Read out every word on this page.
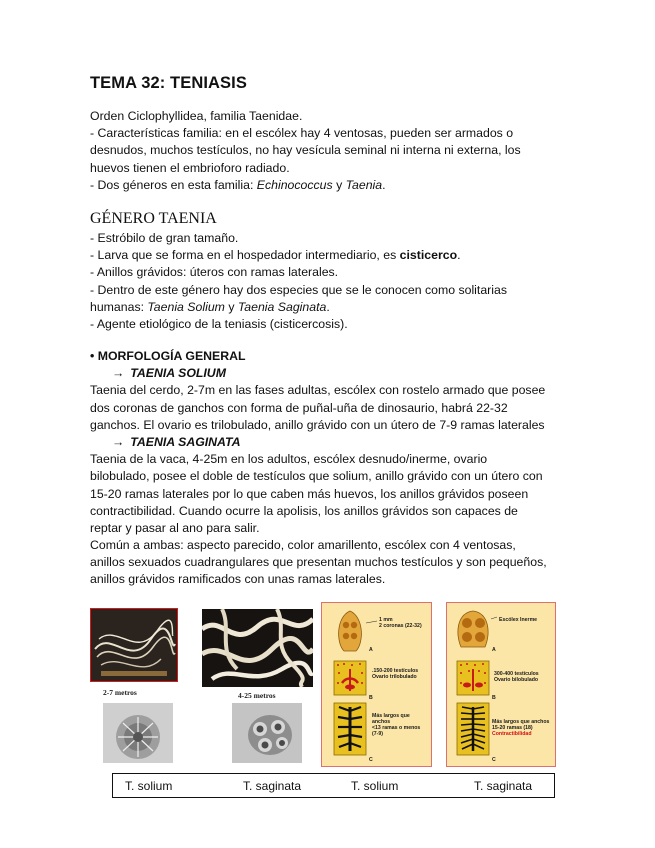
TEMA 32: TENIASIS
Orden Ciclophyllidea, familia Taenidae.
- Características familia: en el escólex hay 4 ventosas, pueden ser armados o
desnudos, muchos testículos, no hay vesícula seminal ni interna ni externa, los
huevos tienen el embrioforo radiado.
- Dos géneros en esta familia: Echinococcus y Taenia.
GÉNERO TAENIA
- Estróbilo de gran tamaño.
- Larva que se forma en el hospedador intermediario, es cisticerco.
- Anillos grávidos: úteros con ramas laterales.
- Dentro de este género hay dos especies que se le conocen como solitarias
humanas: Taenia Solium y Taenia Saginata.
- Agente etiológico de la teniasis (cisticercosis).
• MORFOLOGÍA GENERAL
→ TAENIA SOLIUM
Taenia del cerdo, 2-7m en las fases adultas, escólex con rostelo armado que posee
dos coronas de ganchos con forma de puñal-uña de dinosaurio, habrá 22-32
ganchos. El ovario es trilobulado, anillo grávido con un útero de 7-9 ramas laterales
→ TAENIA SAGINATA
Taenia de la vaca, 4-25m en los adultos, escólex desnudo/inerme, ovario
bilobulado, posee el doble de testículos que solium, anillo grávido con un útero con
15-20 ramas laterales por lo que caben más huevos, los anillos grávidos poseen
contractibilidad. Cuando ocurre la apolisis, los anillos grávidos son capaces de
reptar y pasar al ano para salir.
Común a ambas: aspecto parecido, color amarillento, escólex con 4 ventosas,
anillos sexuados cuadrangulares que presentan muchos testículos y son pequeños,
anillos grávidos ramificados con unas ramas laterales.
2-7 metros	4-25 metros
1 mm
2 coronas (22-32)
A
B
C
.150-200 testículos
Ovario trilobulado
Más largos que
anchos
<13 ramas o menos
(7-9)
Escólex Inerme
A
B
C
300-400 testículos
Ovario bilobulado
Más largos que anchos
15-20 ramas (18)
Contractibilidad
T. solium	T. saginata	T. solium	T. saginata
